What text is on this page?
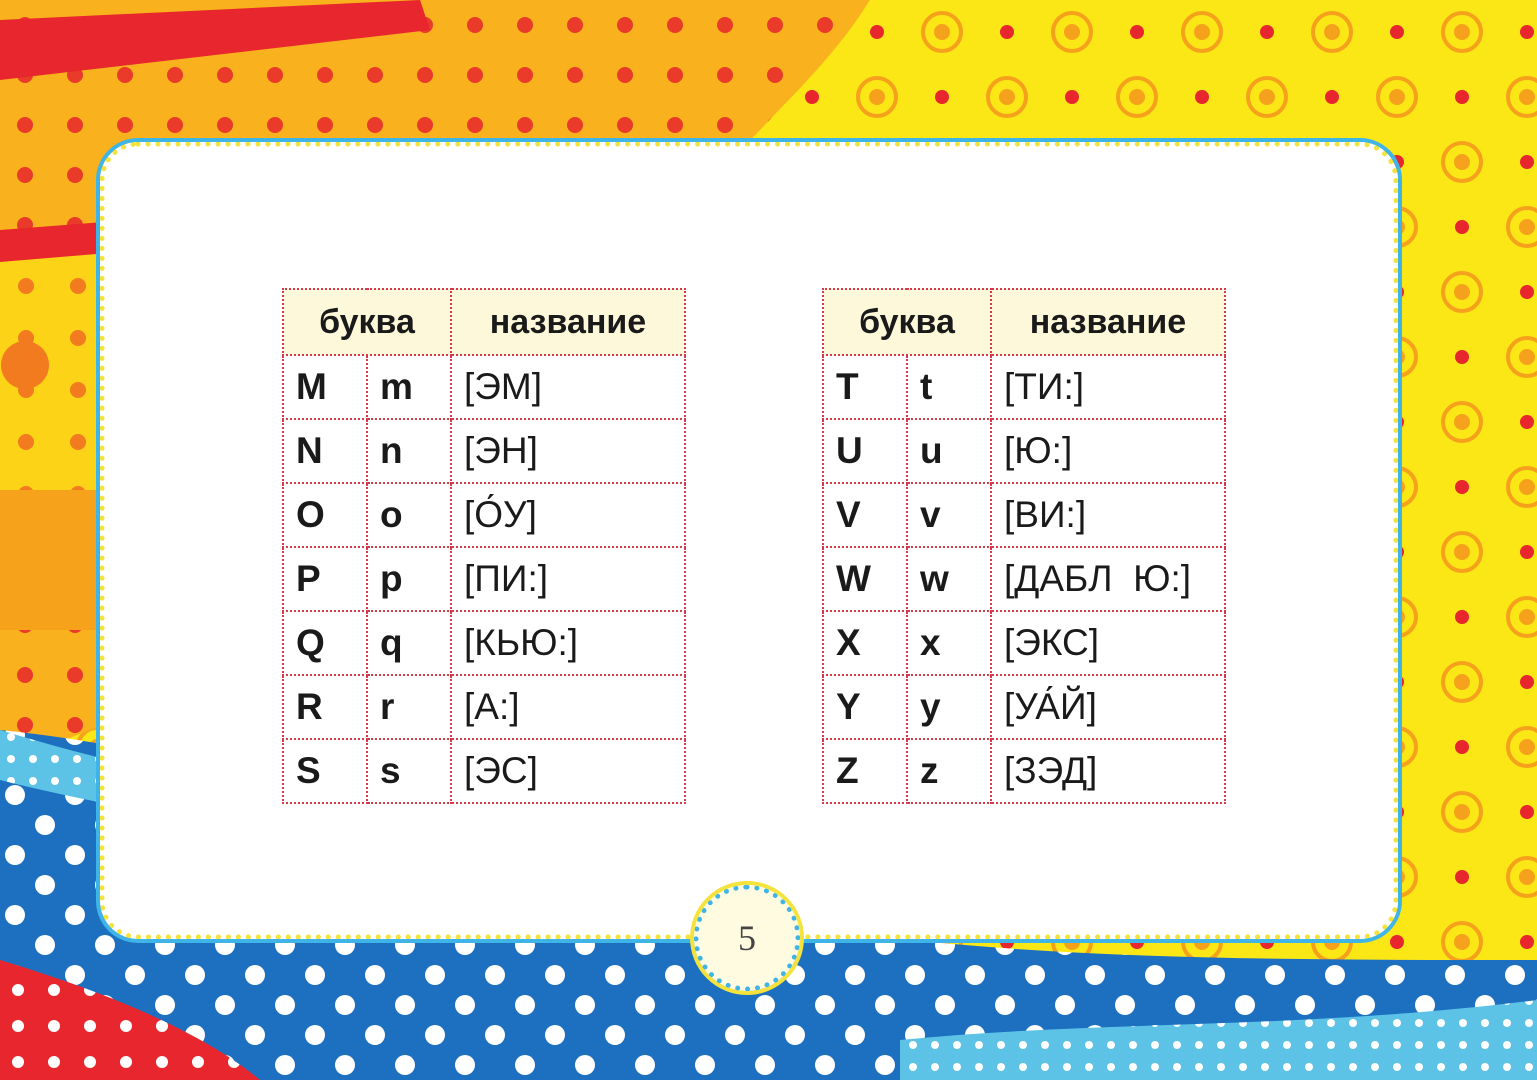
буква		название
M	m	[ЭМ]
N	n	[ЭН]
O	o	[О́У]
P	p	[ПИ:]
Q	q	[КЬЮ:]
R	r	[А:]
S	s	[ЭС]
буква		название
T	t	[ТИ:]
U	u	[Ю:]
V	v	[ВИ:]
W	w	[ДАБЛ  Ю:]
X	x	[ЭКС]
Y	y	[УА́Й]
Z	z	[ЗЭД]
5
